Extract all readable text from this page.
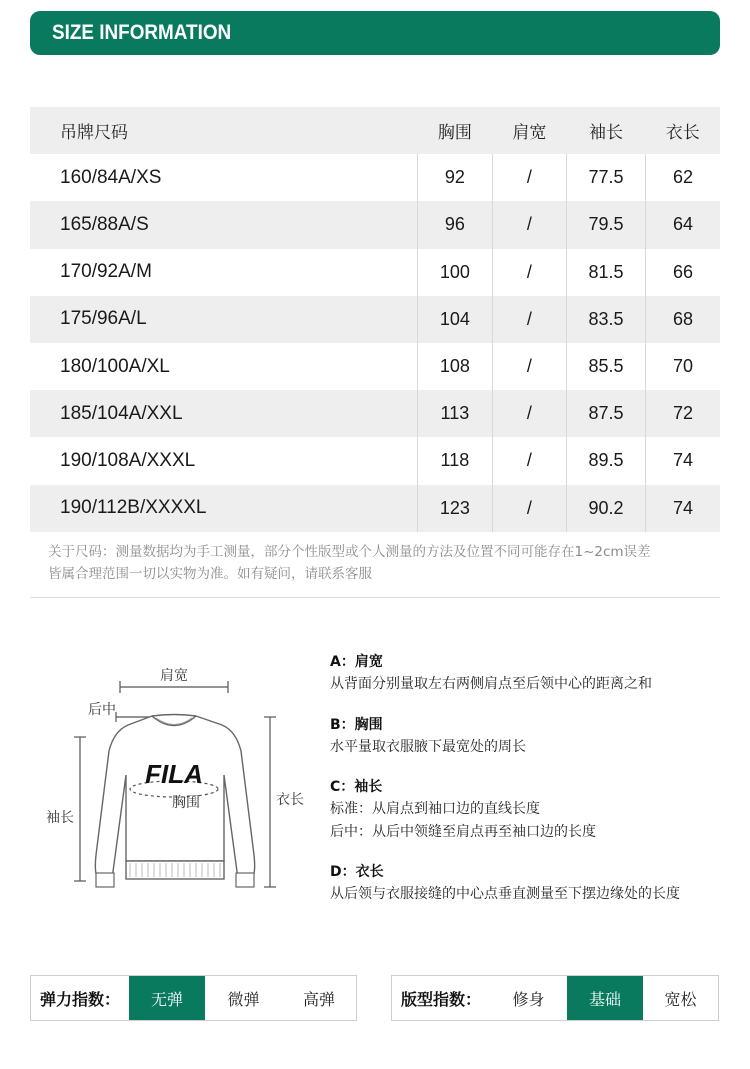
SIZE INFORMATION
吊牌尺码	胸围	肩宽	袖长	衣长
160/84A/XS	92	/	77.5	62
165/88A/S	96	/	79.5	64
170/92A/M	100	/	81.5	66
175/96A/L	104	/	83.5	68
180/100A/XL	108	/	85.5	70
185/104A/XXL	113	/	87.5	72
190/108A/XXXL	118	/	89.5	74
190/112B/XXXXL	123	/	90.2	74
关于尺码：测量数据均为手工测量，部分个性版型或个人测量的方法及位置不同可能存在1~2cm误差
皆属合理范围一切以实物为准。如有疑问，请联系客服
FILA
肩宽
后中
胸围
袖长
衣长
A：肩宽
从背面分别量取左右两侧肩点至后领中心的距离之和
B：胸围
水平量取衣服腋下最宽处的周长
C：袖长
标准：从肩点到袖口边的直线长度
后中：从后中领缝至肩点再至袖口边的长度
D：衣长
从后领与衣服接缝的中心点垂直测量至下摆边缘处的长度
弹力指数：	无弹	微弹	高弹	版型指数：	修身	基础	宽松
